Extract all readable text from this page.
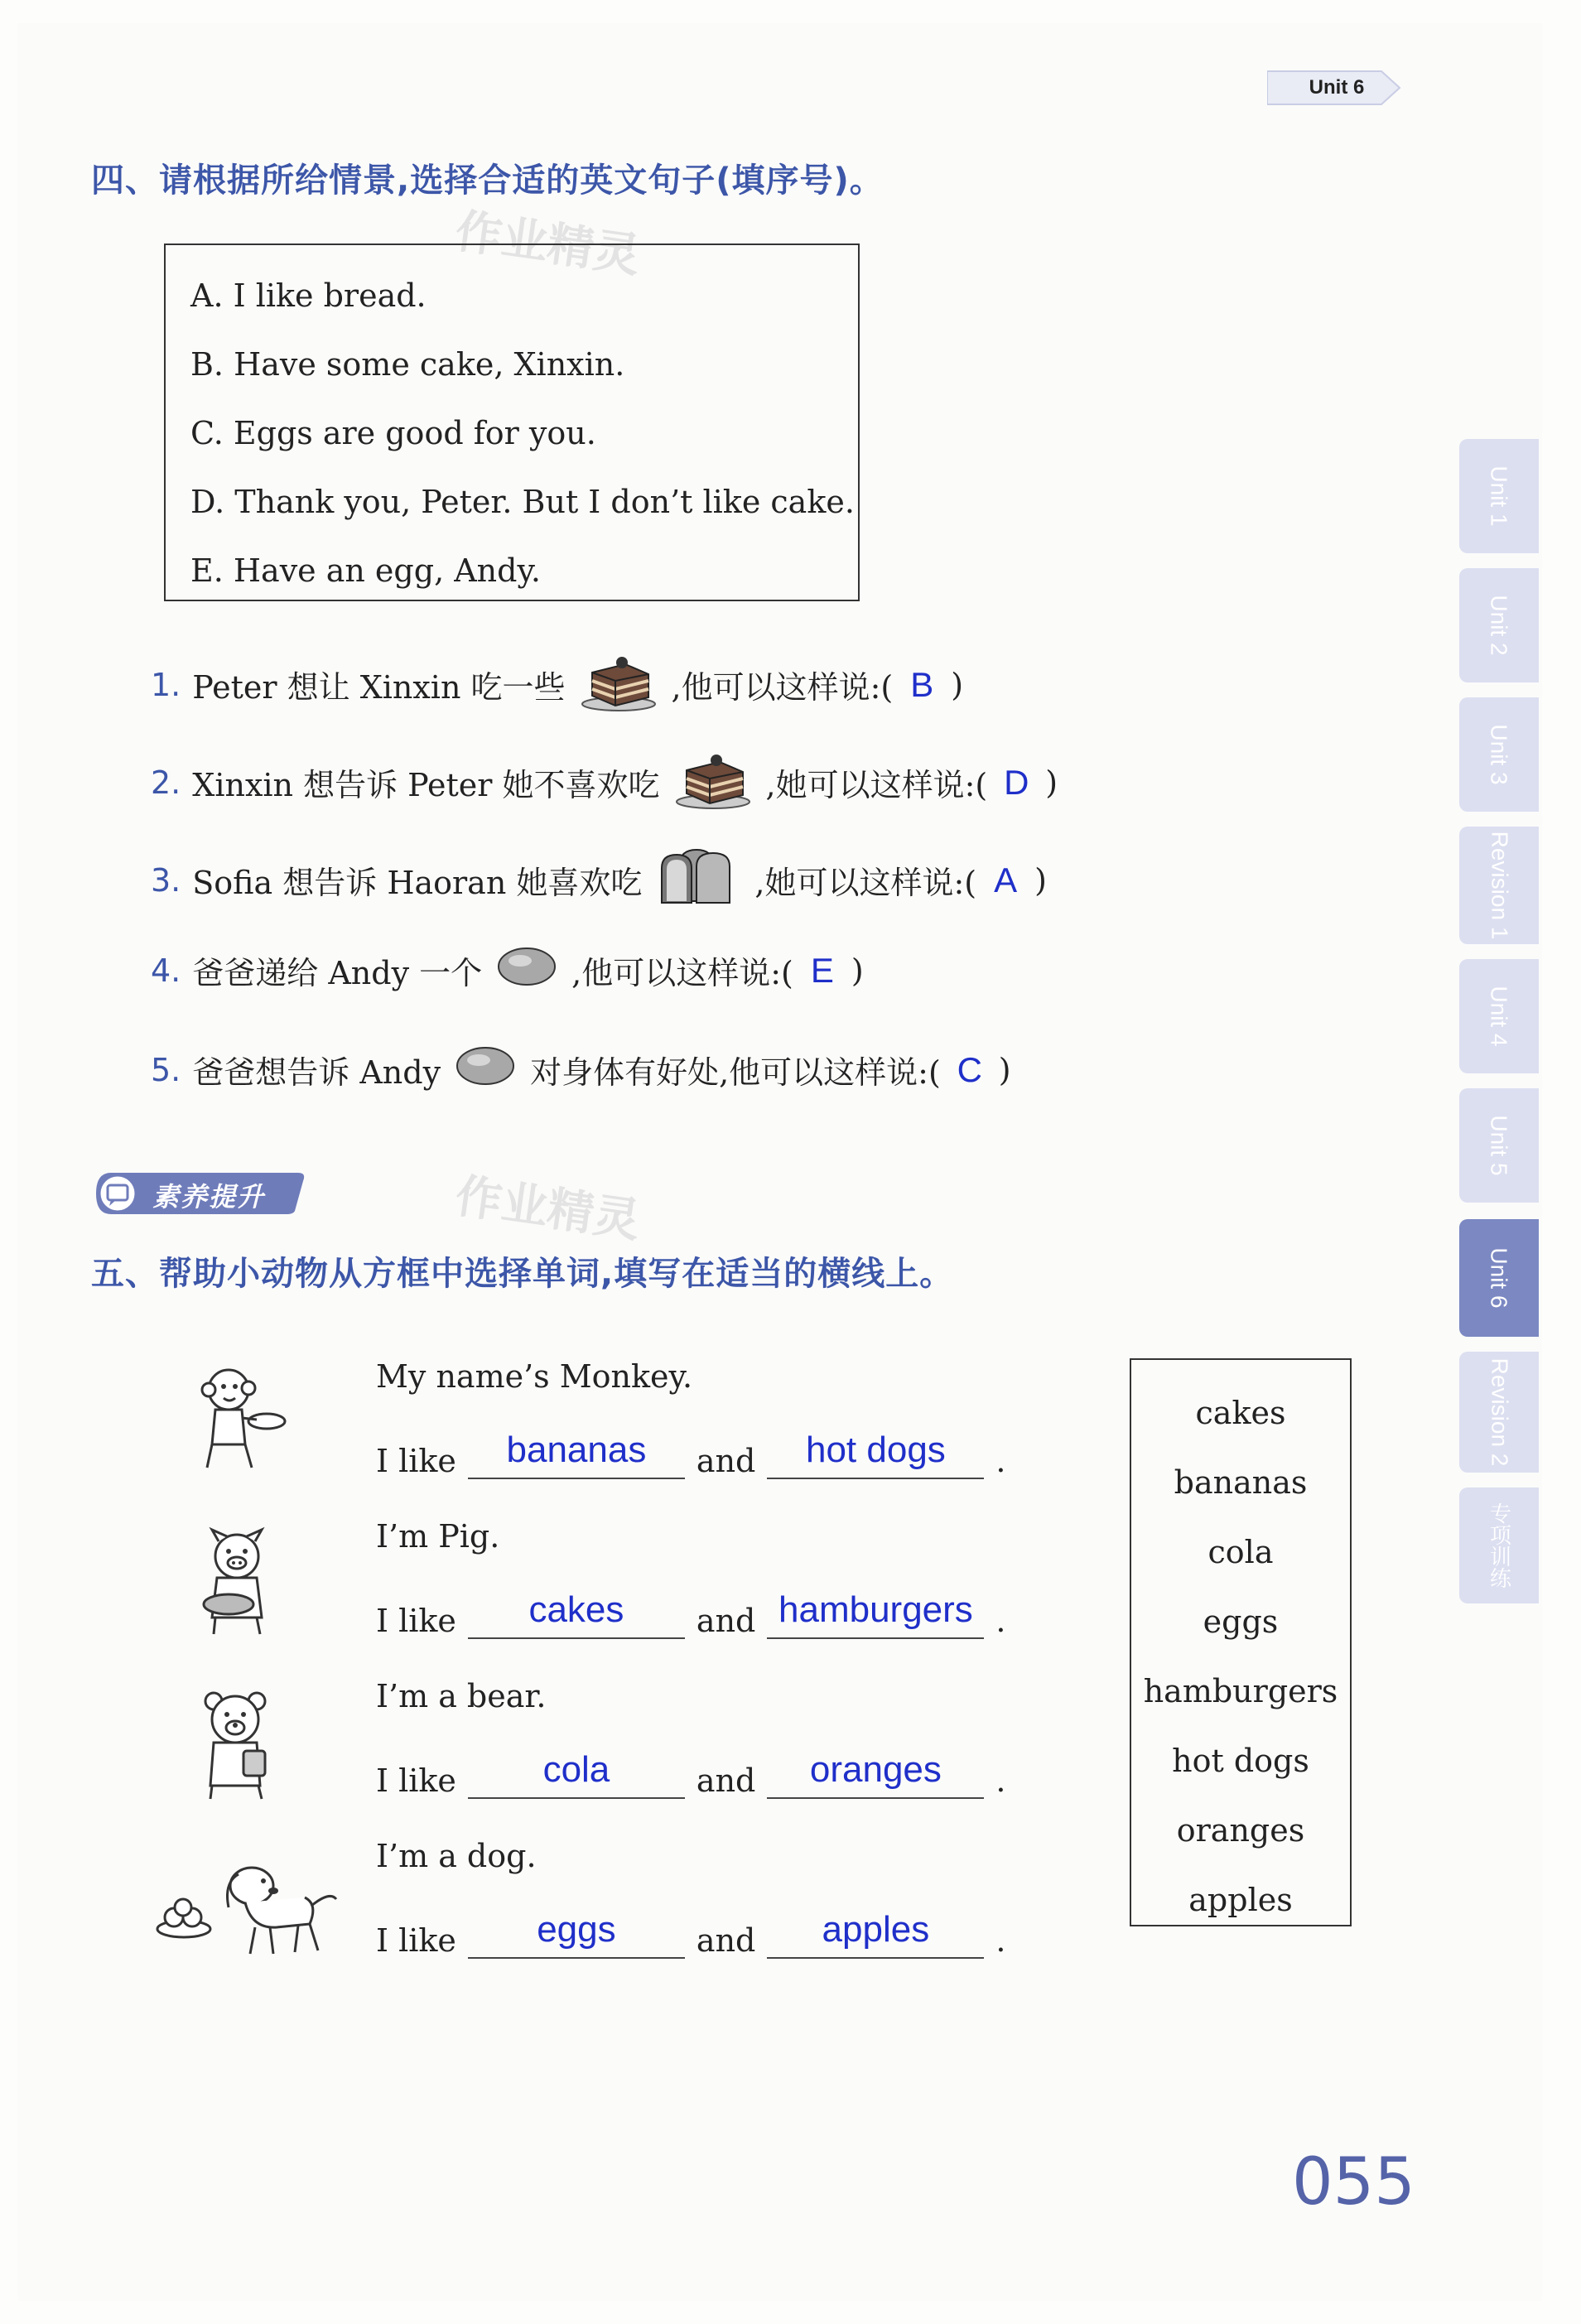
Unit 6
作业精灵
作业精灵
四、请根据所给情景,选择合适的英文句子(填序号)。
A. I like bread.
B. Have some cake, Xinxin.
C. Eggs are good for you.
D. Thank you, Peter. But I don’t like cake.
E. Have an egg, Andy.
1. Peter 想让 Xinxin 吃一些	,他可以这样说:( B )
2. Xinxin 想告诉 Peter 她不喜欢吃	,她可以这样说:( D )
3. Sofia 想告诉 Haoran 她喜欢吃	,她可以这样说:( A )
4. 爸爸递给 Andy 一个	,他可以这样说:( E )
5. 爸爸想告诉 Andy	对身体有好处,他可以这样说:( C )
素养提升
五、帮助小动物从方框中选择单词,填写在适当的横线上。
My name’s Monkey.
I like	bananas	and	hot dogs	.
I’m Pig.
I like	cakes	and hamburgers .
I’m a bear.
I like	cola	and	oranges	.
I’m a dog.
I like	eggs	and	apples	.
cakes
bananas
cola
eggs
hamburgers
hot dogs
oranges
apples
Unit 1
Unit 2
Unit 3
Revision 1
Unit 4
Unit 5
Unit 6
Revision 2
专项训练
055
